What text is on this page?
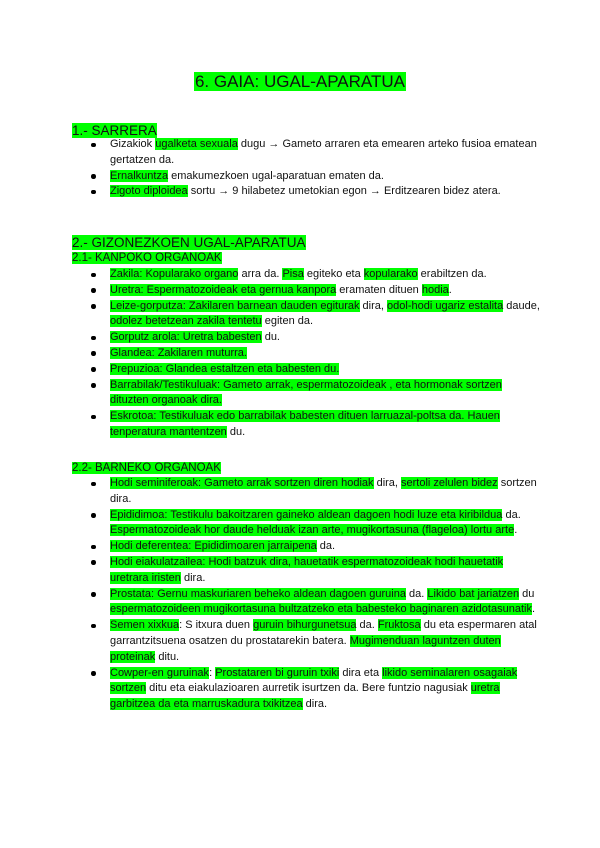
6. GAIA: UGAL-APARATUA
1.- SARRERA
Gizakiok ugalketa sexuala dugu → Gameto arraren eta emearen arteko fusioa ematean gertatzen da.
Ernalkuntza emakumezkoen ugal-aparatuan ematen da.
Zigoto diploidea sortu → 9 hilabetez umetokian egon → Erditzearen bidez atera.
2.- GIZONEZKOEN UGAL-APARATUA
2.1- KANPOKO ORGANOAK
Zakila: Kopularako organo arra da. Pisa egiteko eta kopularako erabiltzen da.
Uretra: Espermatozoideak eta gernua kanpora eramaten dituen hodia.
Leize-gorputza: Zakilaren barnean dauden egiturak dira, odol-hodi ugariz estalita daude, odolez betetzean zakila tentetu egiten da.
Gorputz arola: Uretra babesten du.
Glandea: Zakilaren muturra.
Prepuzioa: Glandea estaltzen eta babesten du.
Barrabilak/Testikuluak: Gameto arrak, espermatozoideak , eta hormonak sortzen dituzten organoak dira.
Eskrotoa: Testikuluak edo barrabilak babesten dituen larruazal-poltsa da. Hauen tenperatura mantentzen du.
2.2- BARNEKO ORGANOAK
Hodi seminiferoak: Gameto arrak sortzen diren hodiak dira, sertoli zelulen bidez sortzen dira.
Epididimoa: Testikulu bakoitzaren gaineko aldean dagoen hodi luze eta kiribildua da. Espermatozoideak hor daude helduak izan arte, mugikortasuna (flageloa) lortu arte.
Hodi deferentea: Epididimoaren jarraipena da.
Hodi eiakulatzailea: Hodi batzuk dira, hauetatik espermatozoideak hodi hauetatik uretrara iristen dira.
Prostata: Gernu maskuriaren beheko aldean dagoen guruina da. Likido bat jariatzen du espermatozoideen mugikortasuna bultzatzeko eta babesteko baginaren azidotasunatik.
Semen xixkua: S itxura duen guruin bihurgunetsua da. Fruktosa du eta espermaren atal garrantzitsuena osatzen du prostatarekin batera. Mugimenduan laguntzen duten proteinak ditu.
Cowper-en guruinak: Prostataren bi guruin txiki dira eta likido seminalaren osagaiak sortzen ditu eta eiakulazioaren aurretik isurtzen da. Bere funtzio nagusiak uretra garbitzea da eta marruskadura txikitzea dira.
